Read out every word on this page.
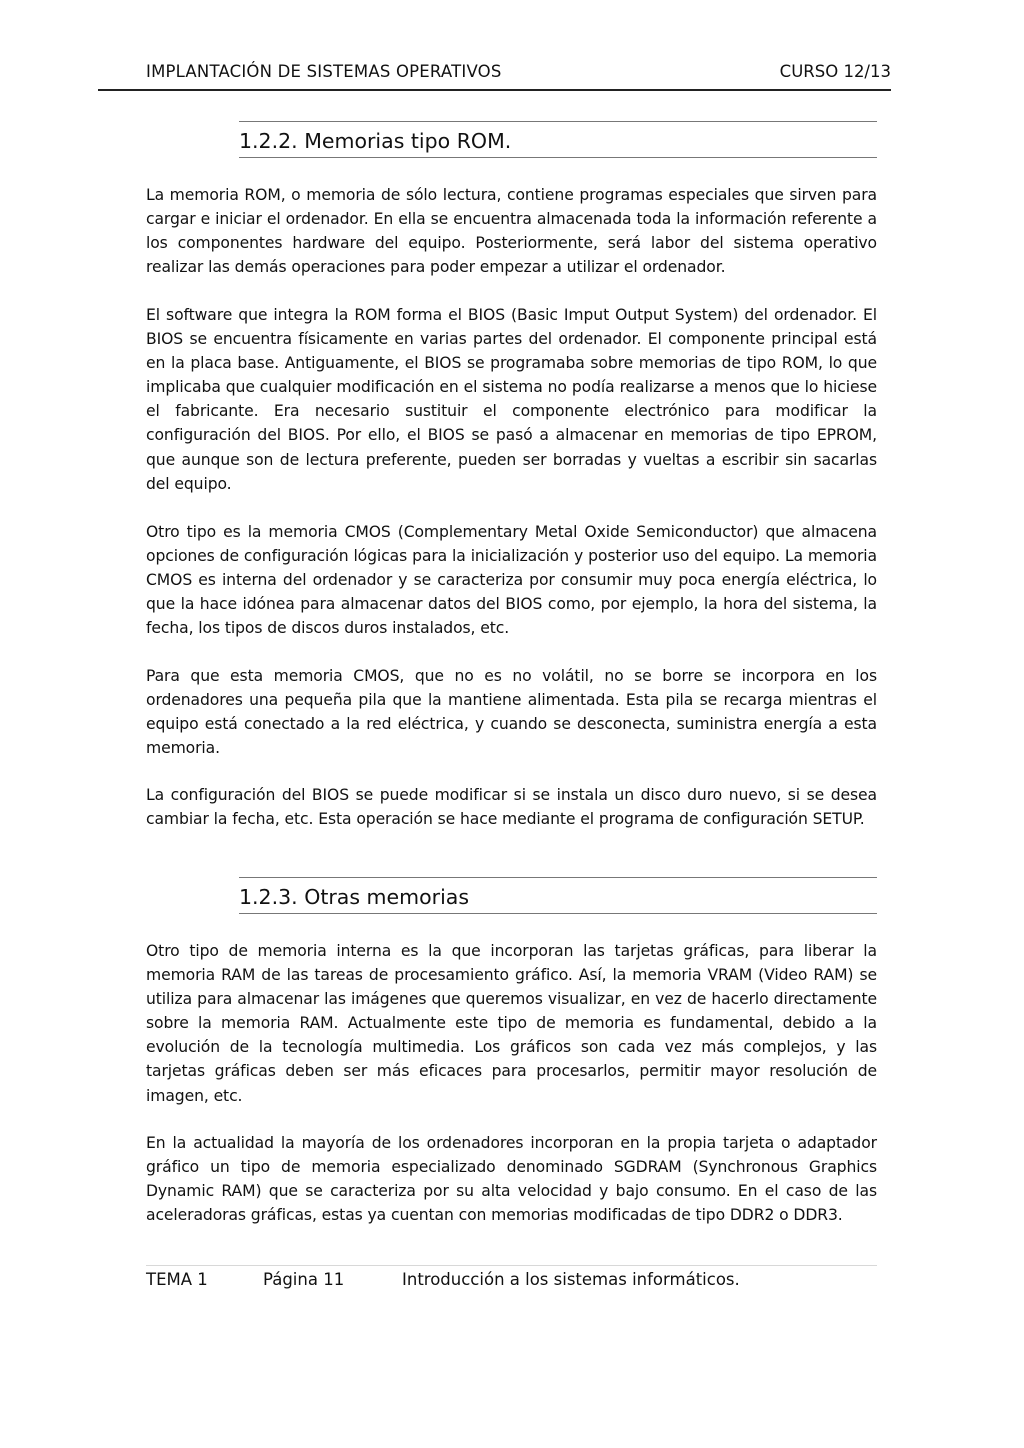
IMPLANTACIÓN DE SISTEMAS OPERATIVOS	CURSO 12/13
1.2.2. Memorias tipo ROM.

La memoria ROM, o memoria de sólo lectura, contiene programas especiales que sirven para cargar e iniciar el ordenador. En ella se encuentra almacenada toda la información referente a los componentes hardware del equipo. Posteriormente, será labor del sistema operativo realizar las demás operaciones para poder empezar a utilizar el ordenador.

El software que integra la ROM forma el BIOS (Basic Imput Output System) del ordenador. El BIOS se encuentra físicamente en varias partes del ordenador. El componente principal está en la placa base. Antiguamente, el BIOS se programaba sobre memorias de tipo ROM, lo que implicaba que cualquier modificación en el sistema no podía realizarse a menos que lo hiciese el fabricante. Era necesario sustituir el componente electrónico para modificar la configuración del BIOS. Por ello, el BIOS se pasó a almacenar en memorias de tipo EPROM, que aunque son de lectura preferente, pueden ser borradas y vueltas a escribir sin sacarlas del equipo.

Otro tipo es la memoria CMOS (Complementary Metal Oxide Semiconductor) que almacena opciones de configuración lógicas para la inicialización y posterior uso del equipo. La memoria CMOS es interna del ordenador y se caracteriza por consumir muy poca energía eléctrica, lo que la hace idónea para almacenar datos del BIOS como, por ejemplo, la hora del sistema, la fecha, los tipos de discos duros instalados, etc.

Para que esta memoria CMOS, que no es no volátil, no se borre se incorpora en los ordenadores una pequeña pila que la mantiene alimentada. Esta pila se recarga mientras el equipo está conectado a la red eléctrica, y cuando se desconecta, suministra energía a esta memoria.

La configuración del BIOS se puede modificar si se instala un disco duro nuevo, si se desea cambiar la fecha, etc. Esta operación se hace mediante el programa de configuración SETUP.

1.2.3. Otras memorias

Otro tipo de memoria interna es la que incorporan las tarjetas gráficas, para liberar la memoria RAM de las tareas de procesamiento gráfico. Así, la memoria VRAM (Video RAM) se utiliza para almacenar las imágenes que queremos visualizar, en vez de hacerlo directamente sobre la memoria RAM. Actualmente este tipo de memoria es fundamental, debido a la evolución de la tecnología multimedia. Los gráficos son cada vez más complejos, y las tarjetas gráficas deben ser más eficaces para procesarlos, permitir mayor resolución de imagen, etc.

En la actualidad la mayoría de los ordenadores incorporan en la propia tarjeta o adaptador gráfico un tipo de memoria especializado denominado SGDRAM (Synchronous Graphics Dynamic RAM) que se caracteriza por su alta velocidad y bajo consumo. En el caso de las aceleradoras gráficas, estas ya cuentan con memorias modificadas de tipo DDR2 o DDR3.

TEMA 1	Página 11	Introducción a los sistemas informáticos.
